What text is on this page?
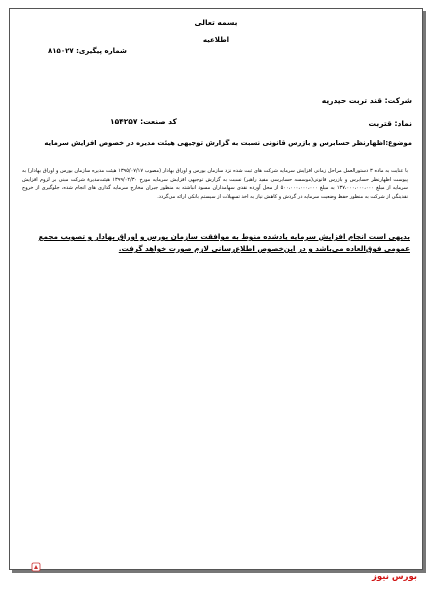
بسمه تعالی
اطلاعیه
شماره پیگیری: ۸۱۵۰۲۷
شرکت: قند تربت حیدریه
نماد: قتربت
کد صنعت: ۱۵۴۲۵۷
موضوع:اظهارنظر حسابرس و بازرس قانونی نسبت به گزارش توجیهی هیئت مدیره در خصوص افزایش سرمایه

با عنایت به ماده ۳ دستورالعمل مراحل زمانی افزایش سرمایه شرکت های ثبت شده نزد سازمان بورس و اوراق بهادار (مصوب ۱۳۹۵/۰۷/۱۷ هیئت مدیره سازمان بورس و اوراق بهادار) به پیوست اظهارنظر حسابرس و بازرس قانونی(موسسه حسابرسی مفید راهبر) نسبت به گزارش توجیهی افزایش سرمایه مورخ ۱۳۹۹/۰۲/۳۰ هیئت‌مدیرۀ شرکت مبنی بر لزوم افزایش سرمایه از مبلغ ۱۳۷،۰۰۰،۰۰۰،۰۰۰ به مبلغ ۵۰۰،۰۰۰،۰۰۰،۰۰۰ از محل آورده نقدی سهامداران مسود انباشته به منظور جبران مخارج سرمایه گذاری های انجام شده، جلوگیری از خروج نقدینگی از شرکت به منظور حفظ وضعیت سرمایه در گردش و کاهش نیاز به اخذ تسهیلات از سیستم بانکی ارائه می‌گردد.

بدیهی است انجام افزایش سرمایه یادشده منوط به موافقت سازمان بورس و اوراق بهادار و تصویب مجمع عمومی فوق‌العاده می‌باشد و در این‌خصوص اطلاع‌رسانی لازم صورت خواهد گرفت.
بورس نیوز
